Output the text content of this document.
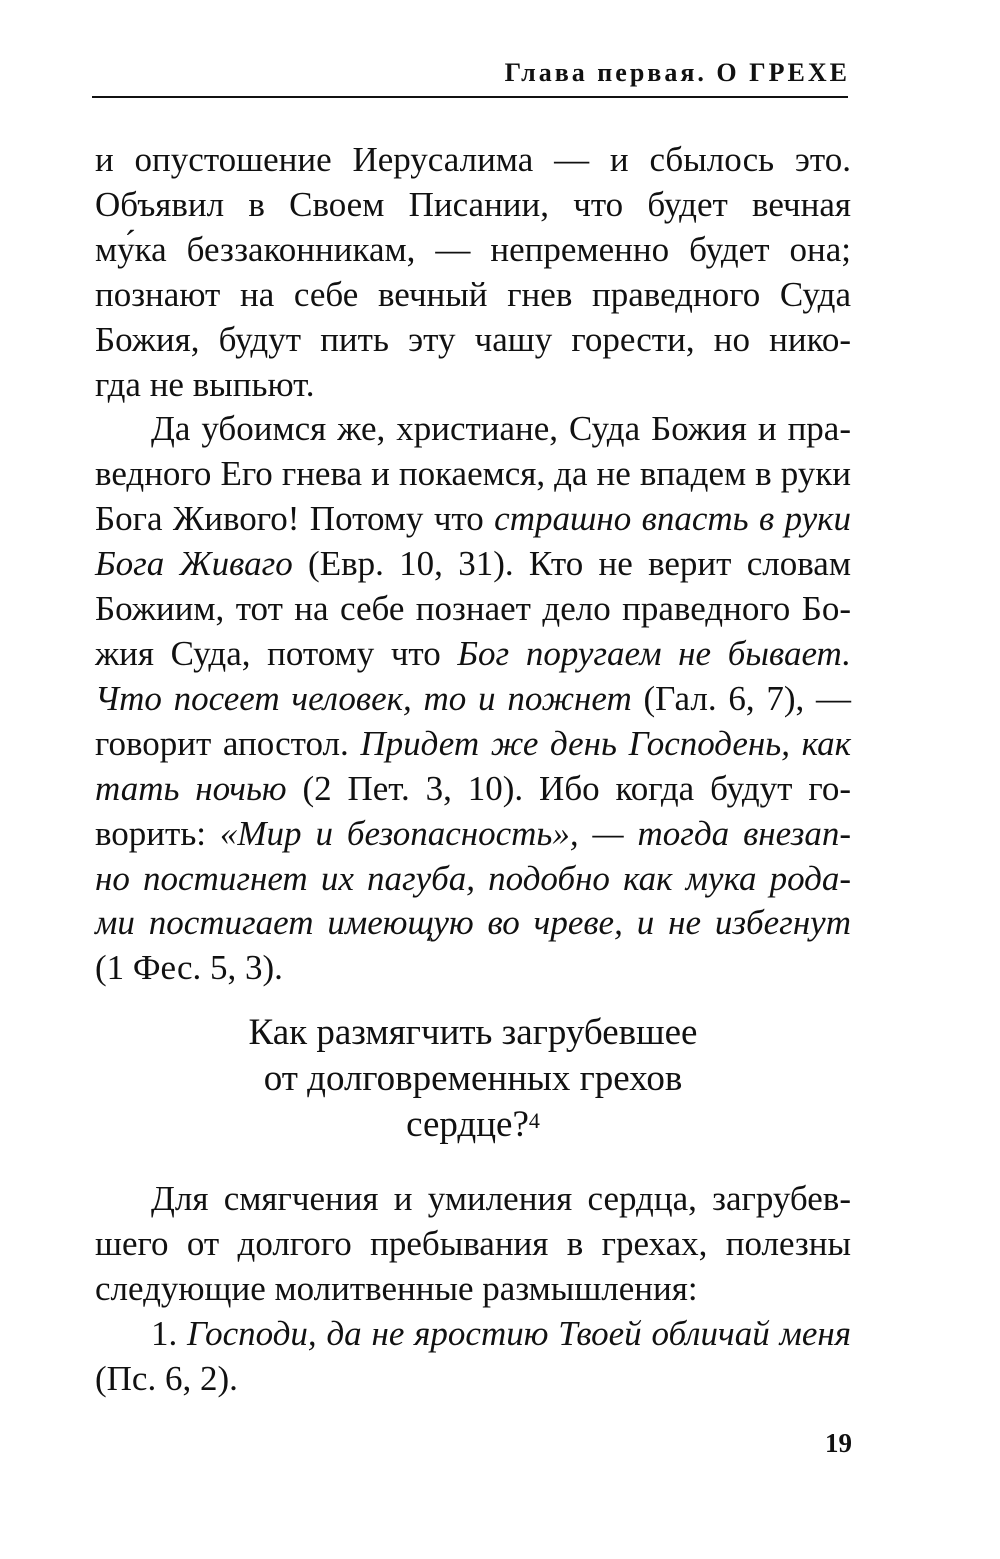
Глава первая. О ГРЕХЕ

и опустошение Иерусалима — и сбылось это.
Объявил в Своем Писании, что будет вечная
му́ка беззаконникам, — непременно будет она;
познают на себе вечный гнев праведного Суда
Божия, будут пить эту чашу горести, но нико-
гда не выпьют.

Да убоимся же, христиане, Суда Божия и пра-
ведного Его гнева и покаемся, да не впадем в руки
Бога Живого! Потому что страшно впасть в руки
Бога Живаго (Евр. 10, 31). Кто не верит словам
Божиим, тот на себе познает дело праведного Бо-
жия Суда, потому что Бог поругаем не бывает.
Что посеет человек, то и пожнет (Гал. 6, 7), —
говорит апостол. Придет же день Господень, как
тать ночью (2 Пет. 3, 10). Ибо когда будут го-
ворить: «Мир и безопасность», — тогда внезап-
но постигнет их пагуба, подобно как мука рода-
ми постигает имеющую во чреве, и не избегнут
(1 Фес. 5, 3).

Как размягчить загрубевшее
от долговременных грехов
сердце?$^4$

Для смягчения и умиления сердца, загрубев-
шего от долгого пребывания в грехах, полезны
следующие молитвенные размышления:

1. Господи, да не яростию Твоей обличай меня
(Пс. 6, 2).

19
